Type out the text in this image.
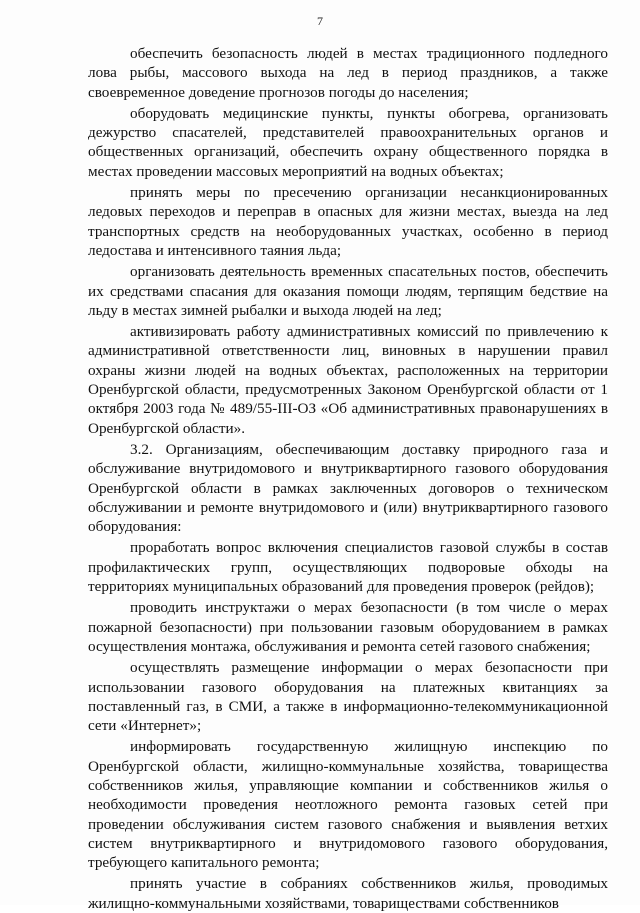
7

обеспечить безопасность людей в местах традиционного подледного лова рыбы, массового выхода на лед в период праздников, а также своевременное доведение прогнозов погоды до населения;

оборудовать медицинские пункты, пункты обогрева, организовать дежурство спасателей, представителей правоохранительных органов и общественных организаций, обеспечить охрану общественного порядка в местах проведении массовых мероприятий на водных объектах;

принять меры по пресечению организации несанкционированных ледовых переходов и переправ в опасных для жизни местах, выезда на лед транспортных средств на необорудованных участках, особенно в период ледостава и интенсивного таяния льда;

организовать деятельность временных спасательных постов, обеспечить их средствами спасания для оказания помощи людям, терпящим бедствие на льду в местах зимней рыбалки и выхода людей на лед;

активизировать работу административных комиссий по привлечению к административной ответственности лиц, виновных в нарушении правил охраны жизни людей на водных объектах, расположенных на территории Оренбургской области, предусмотренных Законом Оренбургской области от 1 октября 2003 года № 489/55-III-ОЗ «Об административных правонарушениях в Оренбургской области».

3.2. Организациям, обеспечивающим доставку природного газа и обслуживание внутридомового и внутриквартирного газового оборудования Оренбургской области в рамках заключенных договоров о техническом обслуживании и ремонте внутридомового и (или) внутриквартирного газового оборудования:

проработать вопрос включения специалистов газовой службы в состав профилактических групп, осуществляющих подворовые обходы на территориях муниципальных образований для проведения проверок (рейдов);

проводить инструктажи о мерах безопасности (в том числе о мерах пожарной безопасности) при пользовании газовым оборудованием в рамках осуществления монтажа, обслуживания и ремонта сетей газового снабжения;

осуществлять размещение информации о мерах безопасности при использовании газового оборудования на платежных квитанциях за поставленный газ, в СМИ, а также в информационно-телекоммуникационной сети «Интернет»;

информировать государственную жилищную инспекцию по Оренбургской области, жилищно-коммунальные хозяйства, товарищества собственников жилья, управляющие компании и собственников жилья о необходимости проведения неотложного ремонта газовых сетей при проведении обслуживания систем газового снабжения и выявления ветхих систем внутриквартирного и внутридомового газового оборудования, требующего капитального ремонта;

принять участие в собраниях собственников жилья, проводимых жилищно-коммунальными хозяйствами, товариществами собственников
